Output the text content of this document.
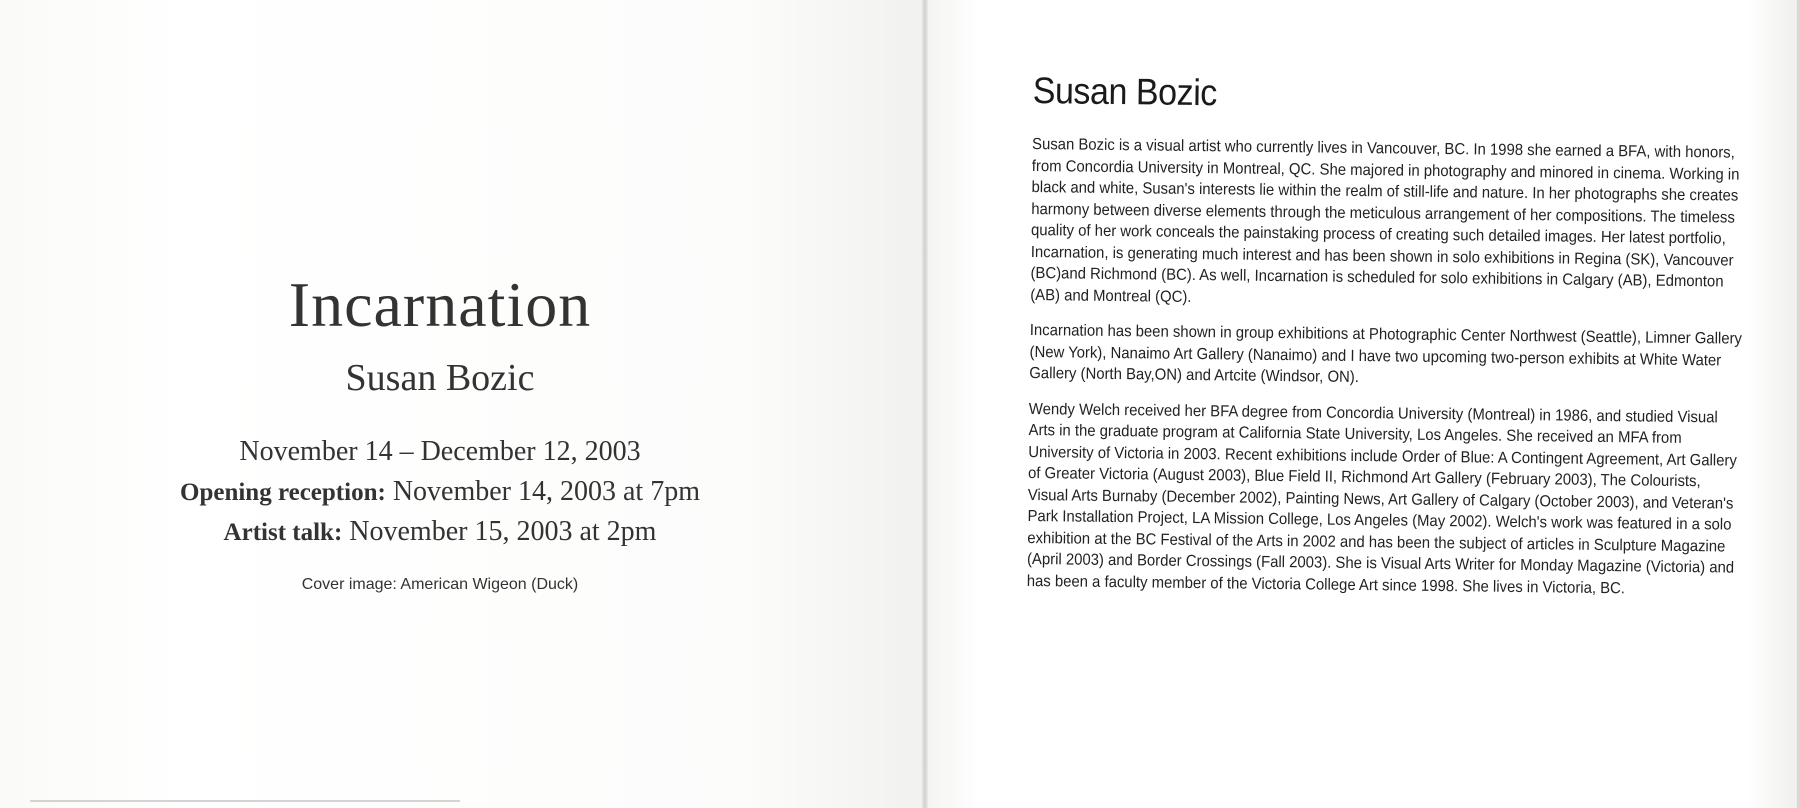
Incarnation
Susan Bozic

November 14 – December 12, 2003

Opening reception: November 14, 2003 at 7pm

Artist talk: November 15, 2003 at 2pm

Cover image: American Wigeon (Duck)

Susan Bozic

Susan Bozic is a visual artist who currently lives in Vancouver, BC. In 1998 she earned a BFA, with honors, from Concordia University in Montreal, QC. She majored in photography and minored in cinema. Working in black and white, Susan's interests lie within the realm of still-life and nature. In her photographs she creates harmony between diverse elements through the meticulous arrangement of her compositions. The timeless quality of her work conceals the painstaking process of creating such detailed images. Her latest portfolio, Incarnation, is generating much interest and has been shown in solo exhibitions in Regina (SK), Vancouver (BC)and Richmond (BC). As well, Incarnation is scheduled for solo exhibitions in Calgary (AB), Edmonton (AB) and Montreal (QC).

Incarnation has been shown in group exhibitions at Photographic Center Northwest (Seattle), Limner Gallery (New York), Nanaimo Art Gallery (Nanaimo) and I have two upcoming two-person exhibits at White Water Gallery (North Bay,ON) and Artcite (Windsor, ON).

Wendy Welch received her BFA degree from Concordia University (Montreal) in 1986, and studied Visual Arts in the graduate program at California State University, Los Angeles. She received an MFA from University of Victoria in 2003. Recent exhibitions include Order of Blue: A Contingent Agreement, Art Gallery of Greater Victoria (August 2003), Blue Field II, Richmond Art Gallery (February 2003), The Colourists, Visual Arts Burnaby (December 2002), Painting News, Art Gallery of Calgary (October 2003), and Veteran's Park Installation Project, LA Mission College, Los Angeles (May 2002). Welch's work was featured in a solo exhibition at the BC Festival of the Arts in 2002 and has been the subject of articles in Sculpture Magazine (April 2003) and Border Crossings (Fall 2003). She is Visual Arts Writer for Monday Magazine (Victoria) and has been a faculty member of the Victoria College Art since 1998. She lives in Victoria, BC.
